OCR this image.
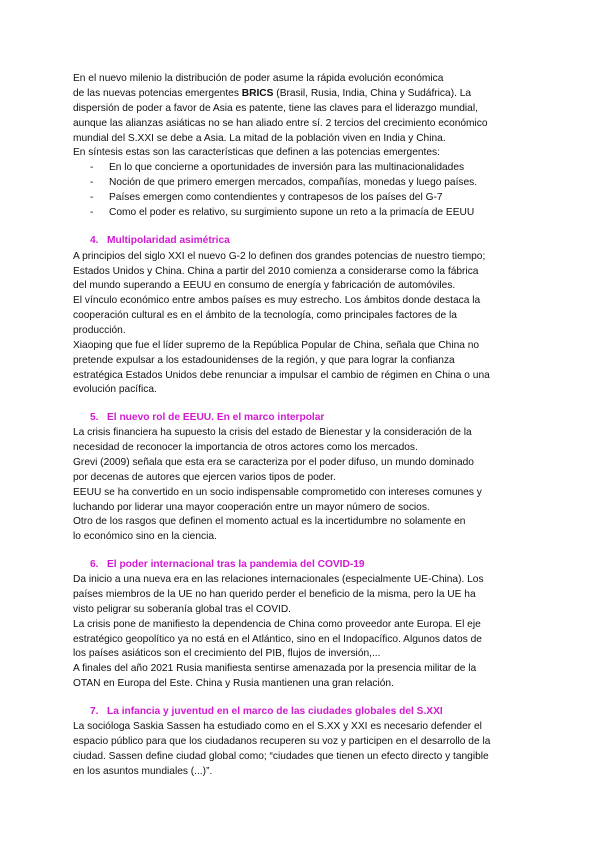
En el nuevo milenio la distribución de poder asume la rápida evolución económica
de las nuevas potencias emergentes BRICS (Brasil, Rusia, India, China y Sudáfrica). La
dispersión de poder a favor de Asia es patente, tiene las claves para el liderazgo mundial,
aunque las alianzas asiáticas no se han aliado entre sí. 2 tercios del crecimiento económico
mundial del S.XXI se debe a Asia. La mitad de la población viven en India y China.
En síntesis estas son las características que definen a las potencias emergentes:
- En lo que concierne a oportunidades de inversión para las multinacionalidades
- Noción de que primero emergen mercados, compañías, monedas y luego países.
- Países emergen como contendientes y contrapesos de los países del G-7
- Como el poder es relativo, su surgimiento supone un reto a la primacía de EEUU
4. Multipolaridad asimétrica
A principios del siglo XXI el nuevo G-2 lo definen dos grandes potencias de nuestro tiempo;
Estados Unidos y China. China a partir del 2010 comienza a considerarse como la fábrica
del mundo superando a EEUU en consumo de energía y fabricación de automóviles.
El vínculo económico entre ambos países es muy estrecho. Los ámbitos donde destaca la
cooperación cultural es en el ámbito de la tecnología, como principales factores de la
producción.
Xiaoping que fue el líder supremo de la República Popular de China, señala que China no
pretende expulsar a los estadounidenses de la región, y que para lograr la confianza
estratégica Estados Unidos debe renunciar a impulsar el cambio de régimen en China o una
evolución pacífica.
5. El nuevo rol de EEUU. En el marco interpolar
La crisis financiera ha supuesto la crisis del estado de Bienestar y la consideración de la
necesidad de reconocer la importancia de otros actores como los mercados.
Grevi (2009) señala que esta era se caracteriza por el poder difuso, un mundo dominado
por decenas de autores que ejercen varios tipos de poder.
EEUU se ha convertido en un socio indispensable comprometido con intereses comunes y
luchando por liderar una mayor cooperación entre un mayor número de socios.
Otro de los rasgos que definen el momento actual es la incertidumbre no solamente en
lo económico sino en la ciencia.
6. El poder internacional tras la pandemia del COVID-19
Da inicio a una nueva era en las relaciones internacionales (especialmente UE-China). Los
países miembros de la UE no han querido perder el beneficio de la misma, pero la UE ha
visto peligrar su soberanía global tras el COVID.
La crisis pone de manifiesto la dependencia de China como proveedor ante Europa. El eje
estratégico geopolítico ya no está en el Atlántico, sino en el Indopacífico. Algunos datos de
los países asiáticos son el crecimiento del PIB, flujos de inversión,...
A finales del año 2021 Rusia manifiesta sentirse amenazada por la presencia militar de la
OTAN en Europa del Este. China y Rusia mantienen una gran relación.
7. La infancia y juventud en el marco de las ciudades globales del S.XXI
La socióloga Saskia Sassen ha estudiado como en el S.XX y XXI es necesario defender el
espacio público para que los ciudadanos recuperen su voz y participen en el desarrollo de la
ciudad. Sassen define ciudad global como; “ciudades que tienen un efecto directo y tangible
en los asuntos mundiales (...)”.
